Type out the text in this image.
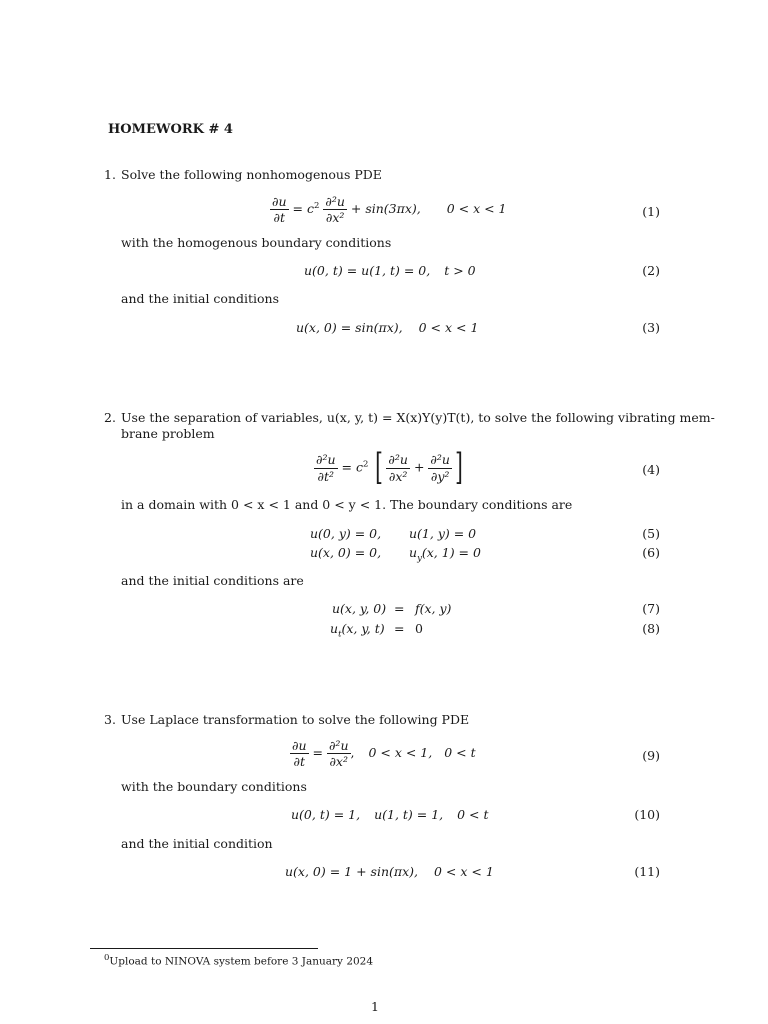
HOMEWORK # 4
1. Solve the following nonhomogenous PDE
$\frac{\partial u}{\partial t} = c^2 \frac{\text{∂²u}}{\text{∂x²}} + \sin(3\pi x)$, 0 < x < 1	(1)
with the homogenous boundary conditions
u(0, t) = u(1, t) = 0, t > 0	(2)
and the initial conditions
u(x, 0) = sin(πx), 0 < x < 1	(3)
2. Use the separation of variables, u(x, y, t) = X(x)Y(y)T(t), to solve the following vibrating mem-
brane problem
$\frac{\text{∂²u}}{\text{∂t²}} = c^2$ [ $\frac{\text{∂²u}}{\text{∂x²}} + \frac{\text{∂²u}}{\text{∂y²}}$ ]	(4)
in a domain with 0 < x < 1 and 0 < y < 1. The boundary conditions are
u(0, y) = 0, u(1, y) = 0	(5)
u(x, 0) = 0, $u_y(x$, 1) = 0	(6)
and the initial conditions are
u(x, y, 0) = f(x, y)	(7)
$u_t(x$, y, t) = 0	(8)
3. Use Laplace transformation to solve the following PDE
$\frac{\partial u}{\partial t} = \frac{\text{∂²u}}{\text{∂x²}}$ , 0 < x < 1, 0 < t	(9)
with the boundary conditions
u(0, t) = 1, u(1, t) = 1, 0 < t	(10)
and the initial condition
u(x, 0) = 1 + sin(πx), 0 < x < 1	(11)
$^0$Upload to NINOVA system before 3 January 2024
1
